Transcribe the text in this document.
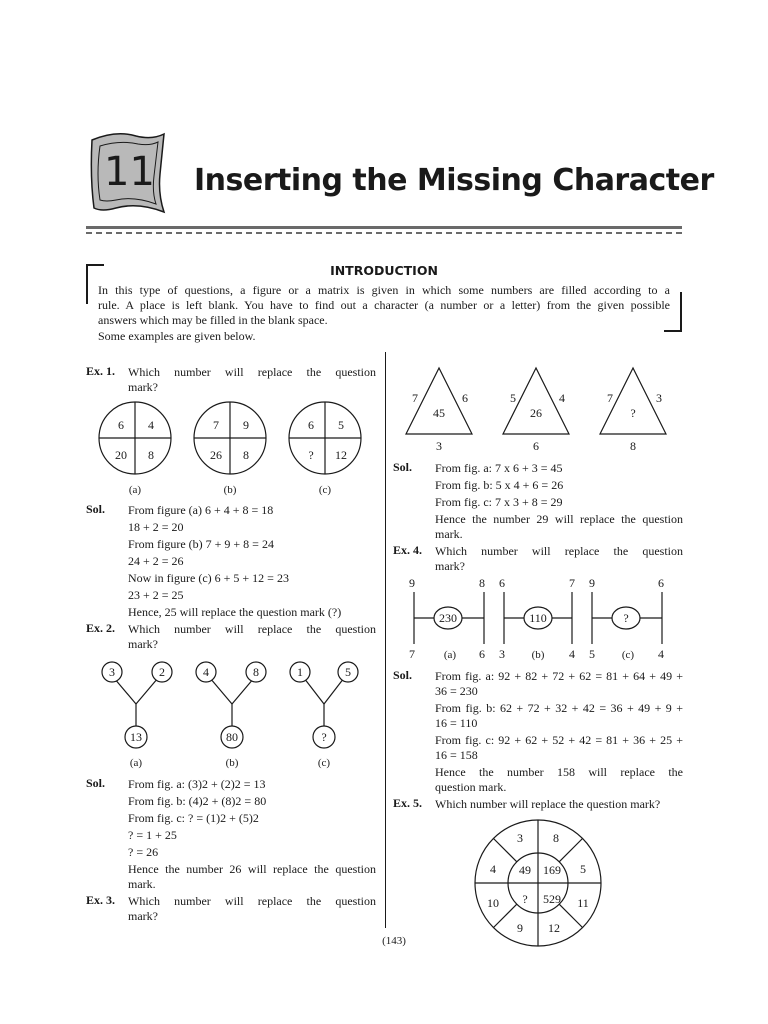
11 Inserting the Missing Character
INTRODUCTION
In this type of questions, a figure or a matrix is given in which some numbers are filled according to a
rule. A place is left blank. You have to find out a character (a number or a letter) from the given possible
answers which may be filled in the blank space.
Some examples are given below.
Ex. 1. Which number will replace the question
mark?
6 4
20 8
(a)
7 9
26 8
(b)
6 5
? 12
(c)
Sol. From figure (a) 6 + 4 + 8 = 18
18 + 2 = 20
From figure (b) 7 + 9 + 8 = 24
24 + 2 = 26
Now in figure (c) 6 + 5 + 12 = 23
23 + 2 = 25
Hence, 25 will replace the question mark (?)
Ex. 2. Which number will replace the question
mark?
3	2
13
(a)
4	8
80
(b)
1	5
?
(c)
Sol. From fig. a: (3)2 + (2)2 = 13
From fig. b: (4)2 + (8)2 = 80
From fig. c: ? = (1)2 + (5)2
? = 1 + 25
? = 26
Hence the number 26 will replace the question
mark.
Ex. 3. Which number will replace the question
mark?
7	6
45
3
5	4
26
6
7	3
?
8
Sol. From fig. a: 7 x 6 + 3 = 45
From fig. b: 5 x 4 + 6 = 26
From fig. c: 7 x 3 + 8 = 29
Hence the number 29 will replace the question
mark.
Ex. 4. Which number will replace the question
mark?
9	8
230
7	6
(a)
6	7
110
3	4
(b)
9	6
?
5	4
(c)
Sol. From fig. a: 92 + 82 + 72 + 62 = 81 + 64 + 49 +
36 = 230
From fig. b: 62 + 72 + 32 + 42 = 36 + 49 + 9 +
16 = 110
From fig. c: 92 + 62 + 52 + 42 = 81 + 36 + 25 +
16 = 158
Hence the number 158 will replace the
question mark.
Ex. 5. Which number will replace the question mark?
3	8
5
11
12
9
10
4 49 169
529
?
(143)
